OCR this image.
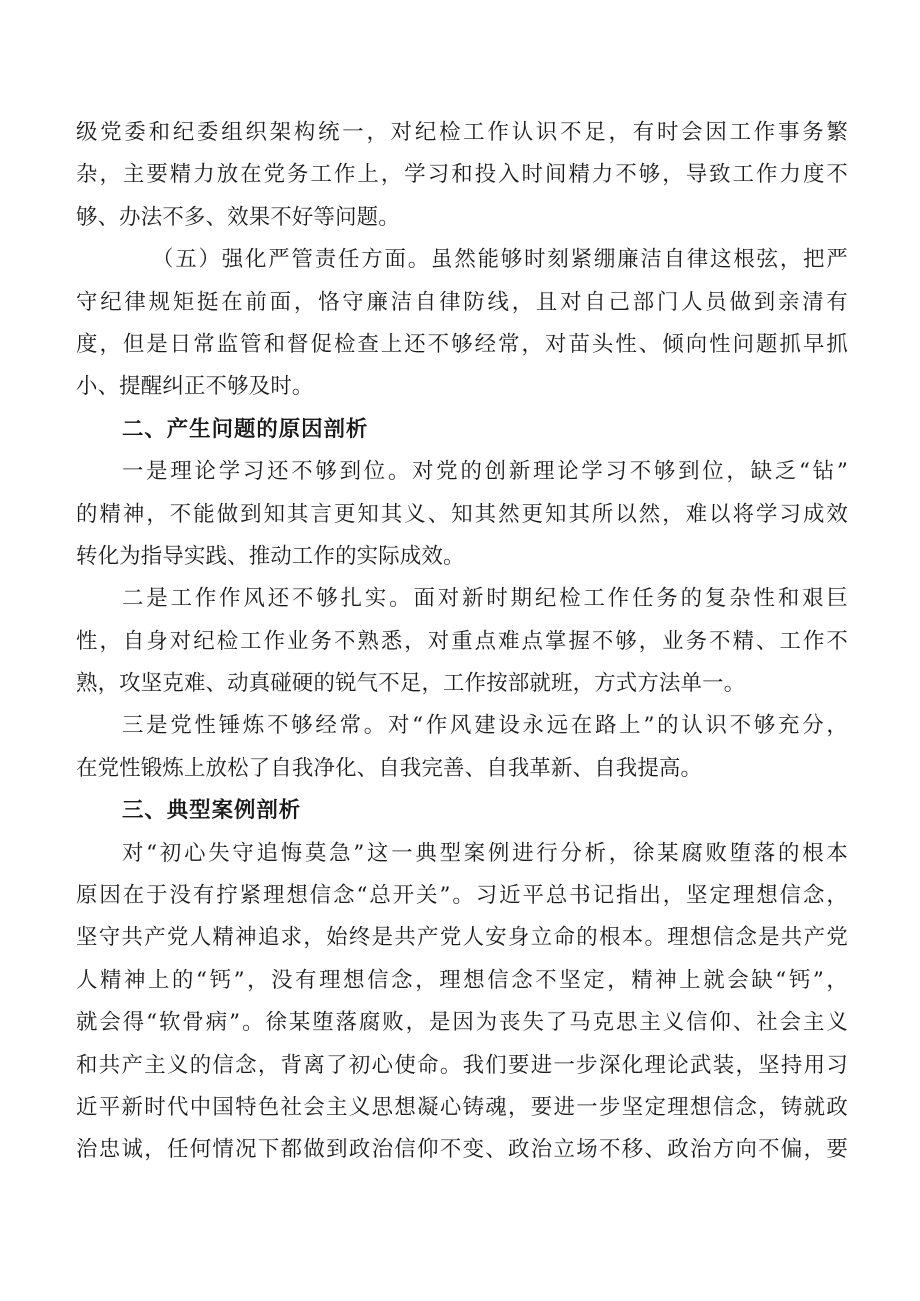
级党委和纪委组织架构统一，对纪检工作认识不足，有时会因工作事务繁
杂，主要精力放在党务工作上，学习和投入时间精力不够，导致工作力度不
够、办法不多、效果不好等问题。
（五）强化严管责任方面。虽然能够时刻紧绷廉洁自律这根弦，把严
守纪律规矩挺在前面，恪守廉洁自律防线，且对自己部门人员做到亲清有
度，但是日常监管和督促检查上还不够经常，对苗头性、倾向性问题抓早抓
小、提醒纠正不够及时。
二、产生问题的原因剖析
一是理论学习还不够到位。对党的创新理论学习不够到位，缺乏“钻”
的精神，不能做到知其言更知其义、知其然更知其所以然，难以将学习成效
转化为指导实践、推动工作的实际成效。
二是工作作风还不够扎实。面对新时期纪检工作任务的复杂性和艰巨
性，自身对纪检工作业务不熟悉，对重点难点掌握不够，业务不精、工作不
熟，攻坚克难、动真碰硬的锐气不足，工作按部就班，方式方法单一。
三是党性锤炼不够经常。对“作风建设永远在路上”的认识不够充分，
在党性锻炼上放松了自我净化、自我完善、自我革新、自我提高。
三、典型案例剖析
对“初心失守追悔莫急”这一典型案例进行分析，徐某腐败堕落的根本
原因在于没有拧紧理想信念“总开关”。习近平总书记指出，坚定理想信念，
坚守共产党人精神追求，始终是共产党人安身立命的根本。理想信念是共产党
人精神上的“钙”，没有理想信念，理想信念不坚定，精神上就会缺“钙”，
就会得“软骨病”。徐某堕落腐败，是因为丧失了马克思主义信仰、社会主义
和共产主义的信念，背离了初心使命。我们要进一步深化理论武装，坚持用习
近平新时代中国特色社会主义思想凝心铸魂，要进一步坚定理想信念，铸就政
治忠诚，任何情况下都做到政治信仰不变、政治立场不移、政治方向不偏，要
